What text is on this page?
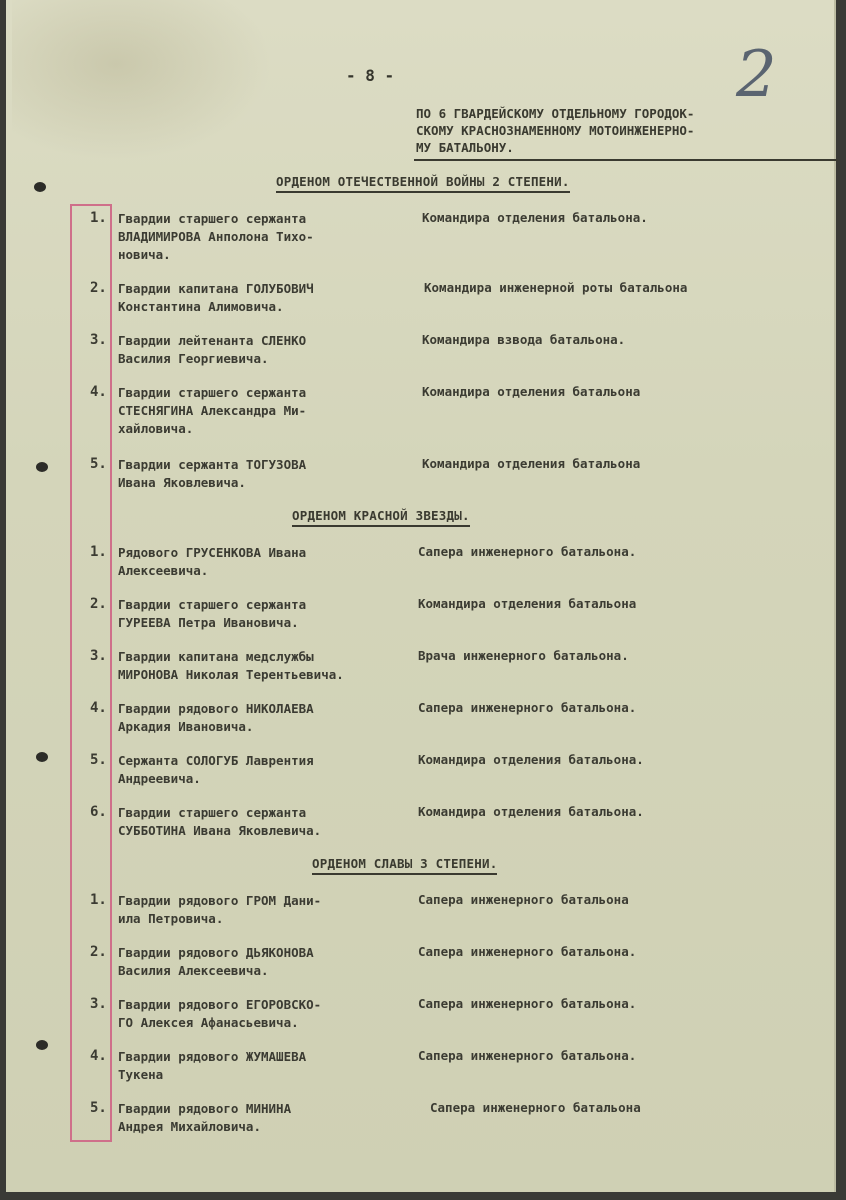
- 8 -	2
ПО 6 ГВАРДЕЙСКОМУ ОТДЕЛЬНОМУ ГОРОДОК-
СКОМУ КРАСНОЗНАМЕННОМУ МОТОИНЖЕНЕРНО-
МУ БАТАЛЬОНУ.
ОРДЕНОМ ОТЕЧЕСТВЕННОЙ ВОЙНЫ 2 СТЕПЕНИ.
1. Гвардии старшего сержанта
ВЛАДИМИРОВА Анполона Тихо-
новича.
Командира отделения батальона.
2. Гвардии капитана ГОЛУБОВИЧ
Константина Алимовича.
Командира инженерной роты батальона
3. Гвардии лейтенанта СЛЕНКО
Василия Георгиевича.
Командира взвода батальона.
4. Гвардии старшего сержанта
СТЕСНЯГИНА Александра Ми-
хайловича.
Командира отделения батальона
5. Гвардии сержанта ТОГУЗОВА
Ивана Яковлевича.
Командира отделения батальона
ОРДЕНОМ КРАСНОЙ ЗВЕЗДЫ.
1. Рядового ГРУСЕНКОВА Ивана
Алексеевича.
Сапера инженерного батальона.
2. Гвардии старшего сержанта
ГУРЕЕВА Петра Ивановича.
Командира отделения батальона
3. Гвардии капитана медслужбы
МИРОНОВА Николая Терентьевича.
Врача инженерного батальона.
4. Гвардии рядового НИКОЛАЕВА
Аркадия Ивановича.
Сапера инженерного батальона.
5. Сержанта СОЛОГУБ Лаврентия
Андреевича.
Командира отделения батальона.
6. Гвардии старшего сержанта
СУББОТИНА Ивана Яковлевича.
Командира отделения батальона.
ОРДЕНОМ СЛАВЫ 3 СТЕПЕНИ.
1. Гвардии рядового ГРОМ Дани-
ила Петровича.
Сапера инженерного батальона
2. Гвардии рядового ДЬЯКОНОВА
Василия Алексеевича.
Сапера инженерного батальона.
3. Гвардии рядового ЕГОРОВСКО-
ГО Алексея Афанасьевича.
Сапера инженерного батальона.
4. Гвардии рядового ЖУМАШЕВА
Тукена
Сапера инженерного батальона.
5. Гвардии рядового МИНИНА
Андрея Михайловича.
Сапера инженерного батальона
